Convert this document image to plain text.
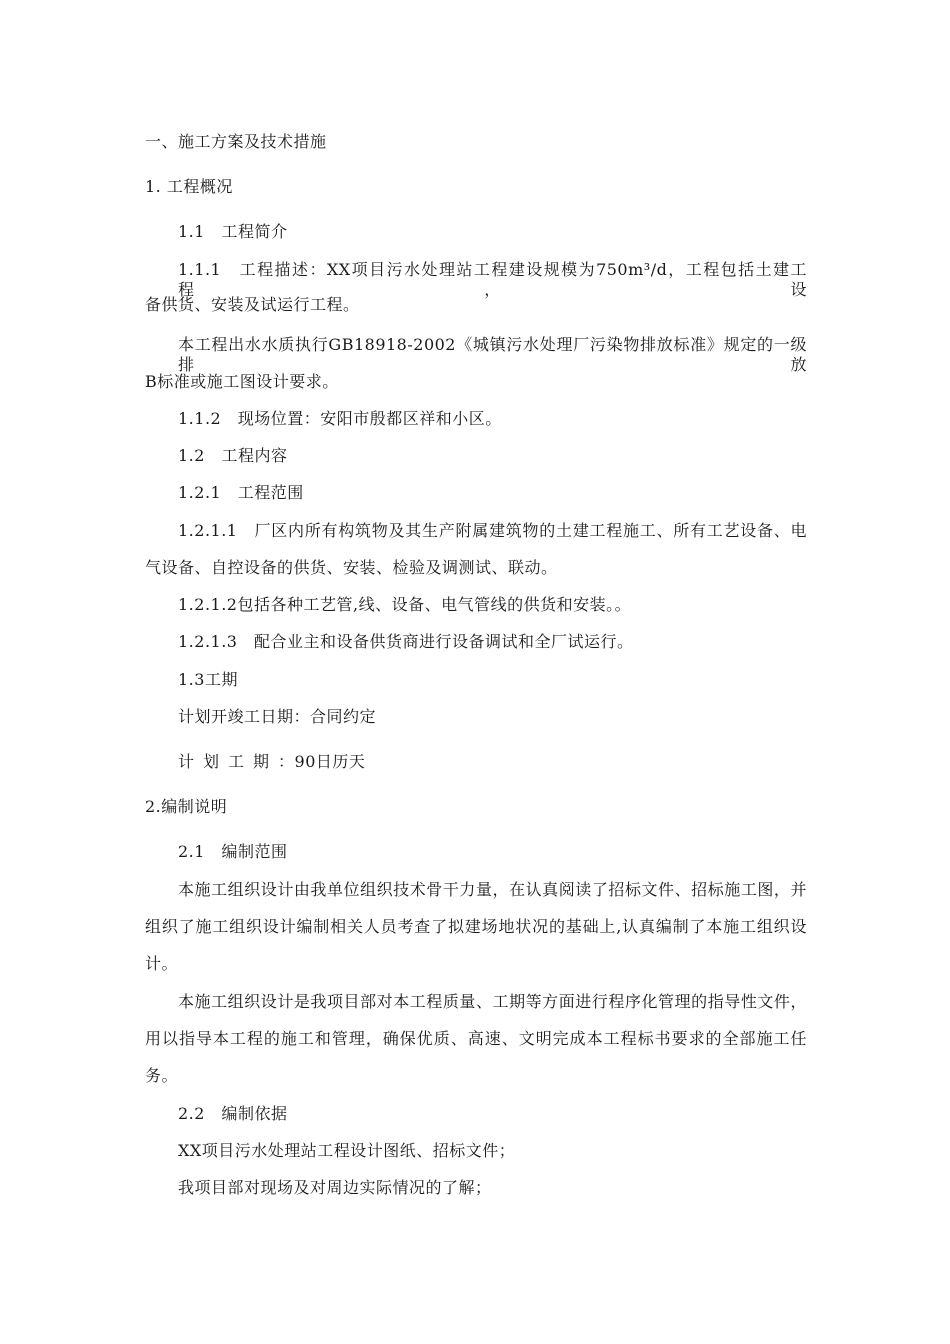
一、施工方案及技术措施
1. 工程概况
1.1　工程简介
1.1.1　工程描述：XX项目污水处理站工程建设规模为750m³/d，工程包括土建工程，设
备供货、安装及试运行工程。
本工程出水水质执行GB18918-2002《城镇污水处理厂污染物排放标准》规定的一级排放
B标准或施工图设计要求。
1.1.2　现场位置：安阳市殷都区祥和小区。
1.2　工程内容
1.2.1　工程范围
1.2.1.1　厂区内所有构筑物及其生产附属建筑物的土建工程施工、所有工艺设备、电
气设备、自控设备的供货、安装、检验及调测试、联动。
1.2.1.2包括各种工艺管,线、设备、电气管线的供货和安装。。
1.2.1.3　配合业主和设备供货商进行设备调试和全厂试运行。
1.3工期
计划开竣工日期：合同约定
计划工期：90日历天
2.编制说明
2.1　编制范围
本施工组织设计由我单位组织技术骨干力量，在认真阅读了招标文件、招标施工图，并
组织了施工组织设计编制相关人员考查了拟建场地状况的基础上,认真编制了本施工组织设
计。
本施工组织设计是我项目部对本工程质量、工期等方面进行程序化管理的指导性文件，
用以指导本工程的施工和管理，确保优质、高速、文明完成本工程标书要求的全部施工任
务。
2.2　编制依据
XX项目污水处理站工程设计图纸、招标文件；
我项目部对现场及对周边实际情况的了解；
